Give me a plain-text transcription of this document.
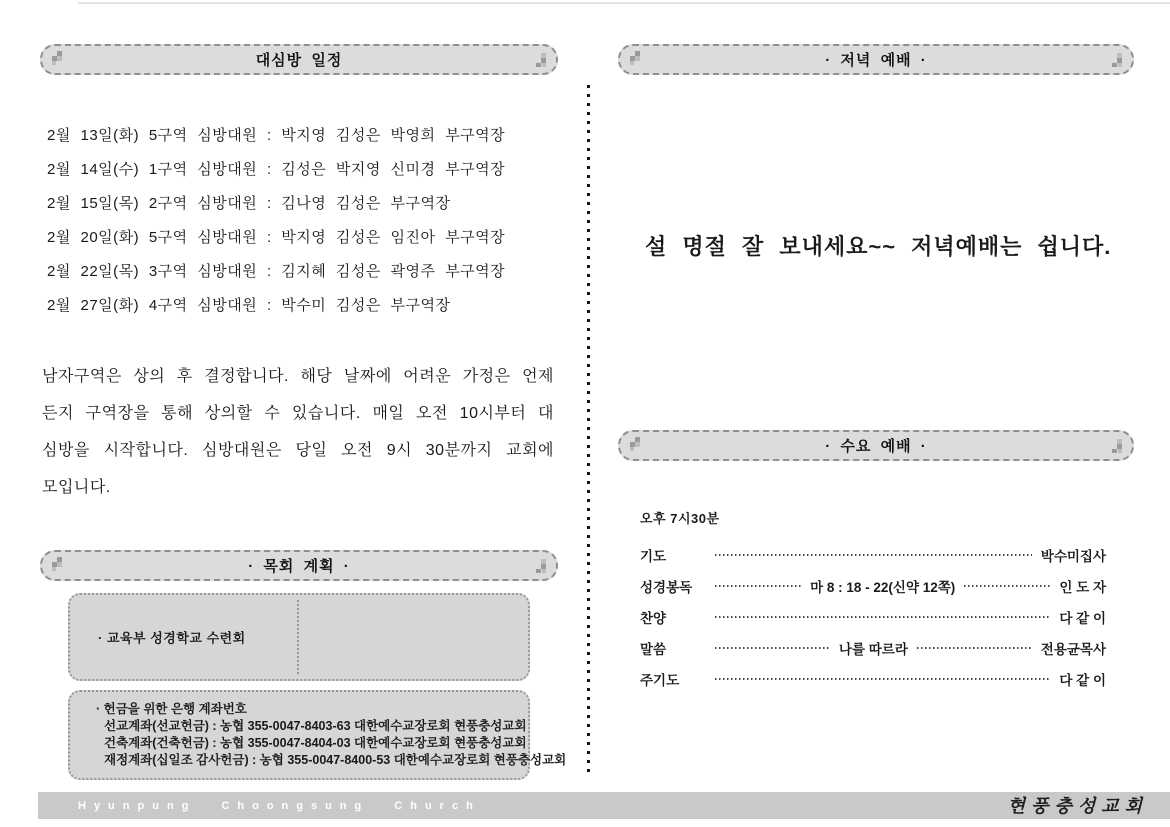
대심방 일정
2월 13일(화) 5구역 심방대원 : 박지영 김성은 박영희 부구역장
2월 14일(수) 1구역 심방대원 : 김성은 박지영 신미경 부구역장
2월 15일(목) 2구역 심방대원 : 김나영 김성은 부구역장
2월 20일(화) 5구역 심방대원 : 박지영 김성은 임진아 부구역장
2월 22일(목) 3구역 심방대원 : 김지혜 김성은 곽영주 부구역장
2월 27일(화) 4구역 심방대원 : 박수미 김성은 부구역장
남자구역은 상의 후 결정합니다. 해당 날짜에 어려운 가정은 언제든지 구역장을 통해 상의할 수 있습니다. 매일 오전 10시부터 대심방을 시작합니다. 심방대원은 당일 오전 9시 30분까지 교회에 모입니다.
· 목회 계획 ·
· 교육부 성경학교 수련회
· 헌금을 위한 은행 계좌번호
선교계좌(선교헌금) : 농협 355-0047-8403-63 대한예수교장로회 현풍충성교회
건축계좌(건축헌금) : 농협 355-0047-8404-03 대한예수교장로회 현풍충성교회
재정계좌(십일조 감사헌금) : 농협 355-0047-8400-53 대한예수교장로회 현풍충성교회
· 저녁 예배 ·
설 명절 잘 보내세요~~ 저녁예배는 쉽니다.
· 수요 예배 ·
오후 7시30분
기도	박수미집사
성경봉독	마 8 : 18 - 22(신약 12쪽)	인 도 자
찬양	다 같 이
말씀	나를 따르라	전용균목사
주기도	다 같 이
Hyunpung Choongsung Church	현풍충성교회
